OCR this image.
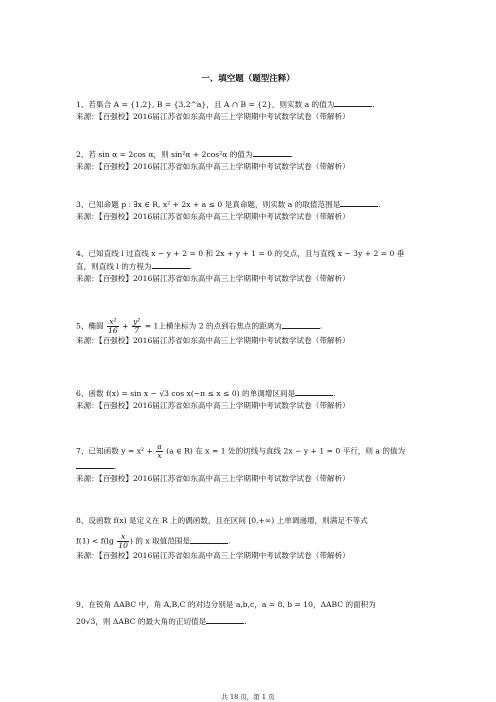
一、填空题（题型注释）

1、若集合 A = {1,2}, B = {3,2^a}，且 A ∩ B = {2}，则实数 a 的值为	.

来源：【百强校】2016届江苏省如东高中高三上学期期中考试数学试卷（带解析）

2、若 sin α = 2cos α，则 sin²α + 2cos²α 的值为	.

来源：【百强校】2016届江苏省如东高中高三上学期期中考试数学试卷（带解析）

3、已知命题 p : ∃x ∈ R, x² + 2x + a ≤ 0 是真命题，则实数 a 的取值范围是	.

来源：【百强校】2016届江苏省如东高中高三上学期期中考试数学试卷（带解析）

4、已知直线 l 过直线 x − y + 2 = 0 和 2x + y + 1 = 0 的交点，且与直线 x − 3y + 2 = 0 垂

直，则直线 l 的方程为	.

来源：【百强校】2016届江苏省如东高中高三上学期期中考试数学试卷（带解析）

5、椭圆 $\frac{\text{x²}}{16} + \frac{\text{y²}}{7} = 1$上横坐标为 2 的点到右焦点的距离为	.

来源：【百强校】2016届江苏省如东高中高三上学期期中考试数学试卷（带解析）

6、函数 f(x) = sin x − √3 cos x(−π ≤ x ≤ 0) 的单调增区间是	.

来源：【百强校】2016届江苏省如东高中高三上学期期中考试数学试卷（带解析）

7、已知函数 $y = x^2 + \frac{a}{x} (a$ ∈ R) 在 x = 1 处的切线与直线 2x − y + 1 = 0 平行，则 a 的值为

.

来源：【百强校】2016届江苏省如东高中高三上学期期中考试数学试卷（带解析）

8、设函数 f(x) 是定义在 R 上的偶函数，且在区间 [0,+∞) 上单调递增，则满足不等式

$f(1) < f(\lg \frac{x}{10}$ ) 的 x 取值范围是	.

来源：【百强校】2016届江苏省如东高中高三上学期期中考试数学试卷（带解析）

9、在锐角 ΔABC 中，角 A,B,C 的对边分别是 a,b,c，a = 8, b = 10，ΔABC 的面积为

20√3，则 ΔABC 的最大角的正切值是	.

共 18 页，第 1 页
